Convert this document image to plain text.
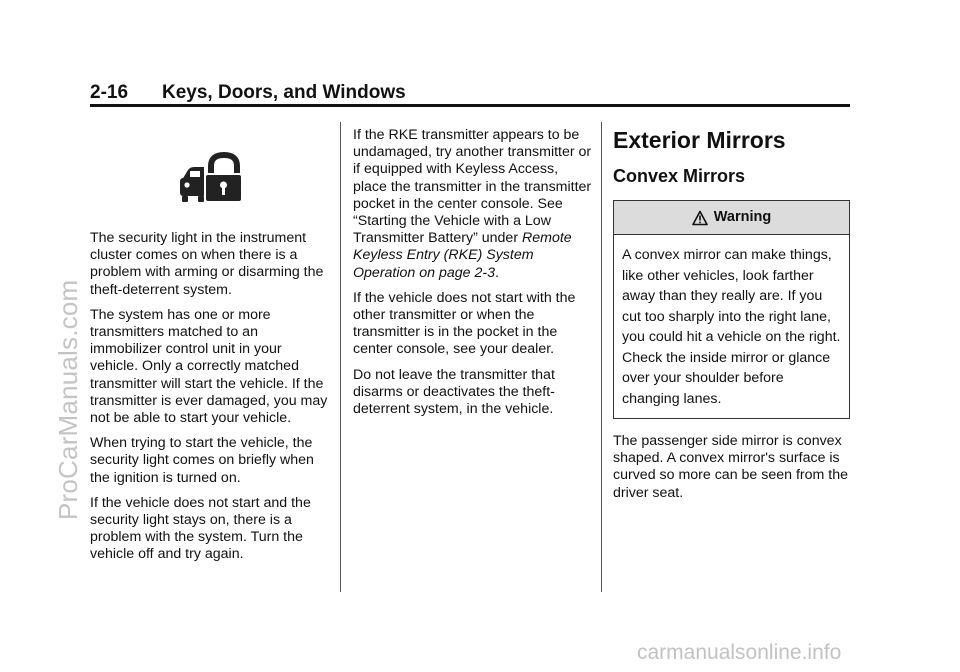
2-16 Keys, Doors, and Windows
ProCarManuals.com

The security light in the instrument cluster comes on when there is a problem with arming or disarming the theft-deterrent system.

The system has one or more transmitters matched to an immobilizer control unit in your vehicle. Only a correctly matched transmitter will start the vehicle. If the transmitter is ever damaged, you may not be able to start your vehicle.

When trying to start the vehicle, the security light comes on briefly when the ignition is turned on.

If the vehicle does not start and the security light stays on, there is a problem with the system. Turn the vehicle off and try again.

If the RKE transmitter appears to be undamaged, try another transmitter or if equipped with Keyless Access, place the transmitter in the transmitter pocket in the center console. See “Starting the Vehicle with a Low Transmitter Battery” under Remote Keyless Entry (RKE) System Operation on page 2-3.

If the vehicle does not start with the other transmitter or when the transmitter is in the pocket in the center console, see your dealer.

Do not leave the transmitter that disarms or deactivates the theft-deterrent system, in the vehicle.

Exterior Mirrors
Convex Mirrors
Warning
A convex mirror can make things, like other vehicles, look farther away than they really are. If you cut too sharply into the right lane, you could hit a vehicle on the right. Check the inside mirror or glance over your shoulder before changing lanes.

The passenger side mirror is convex shaped. A convex mirror's surface is curved so more can be seen from the driver seat.

carmanualsonline.info
